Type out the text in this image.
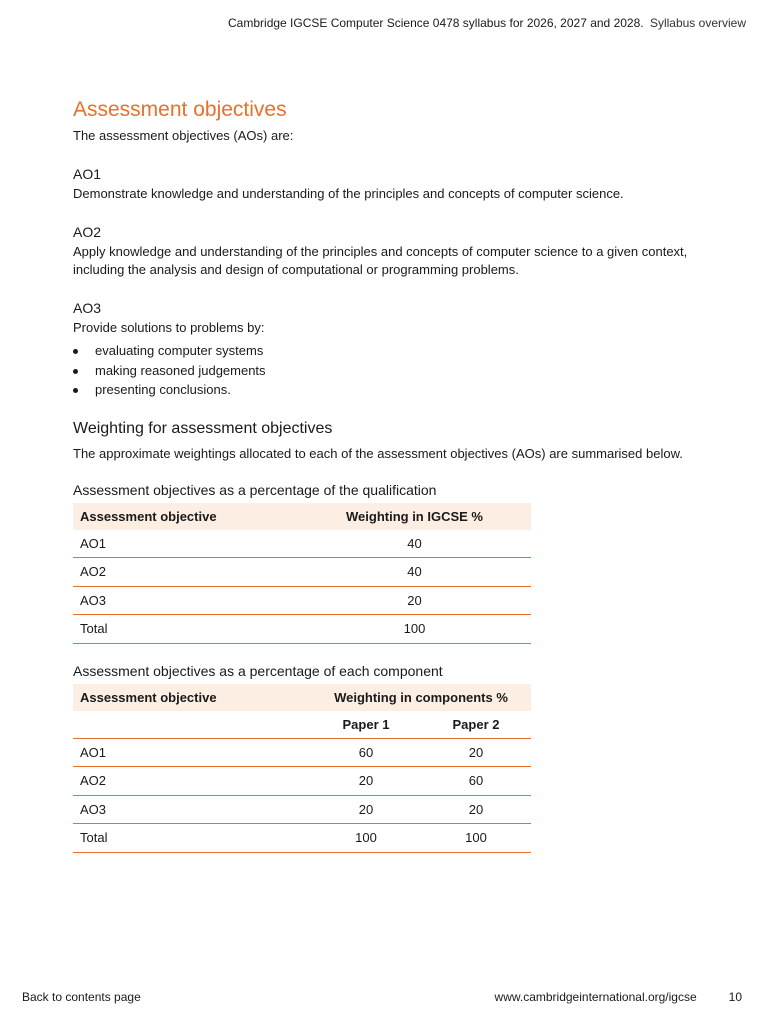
Cambridge IGCSE Computer Science 0478 syllabus for 2026, 2027 and 2028. Syllabus overview
Assessment objectives

The assessment objectives (AOs) are:

AO1

Demonstrate knowledge and understanding of the principles and concepts of computer science.

AO2

Apply knowledge and understanding of the principles and concepts of computer science to a given context, including the analysis and design of computational or programming problems.

AO3

Provide solutions to problems by:

evaluating computer systems
making reasoned judgements
presenting conclusions.
Weighting for assessment objectives

The approximate weightings allocated to each of the assessment objectives (AOs) are summarised below.

Assessment objectives as a percentage of the qualification

Assessment objective	Weighting in IGCSE %
AO1	40
AO2	40
AO3	20
Total	100

Assessment objectives as a percentage of each component

Assessment objective	Weighting in components %	
	Paper 1	Paper 2
AO1	60	20
AO2	20	60
AO3	20	20
Total	100	100
Back to contents page	www.cambridgeinternational.org/igcse	10
